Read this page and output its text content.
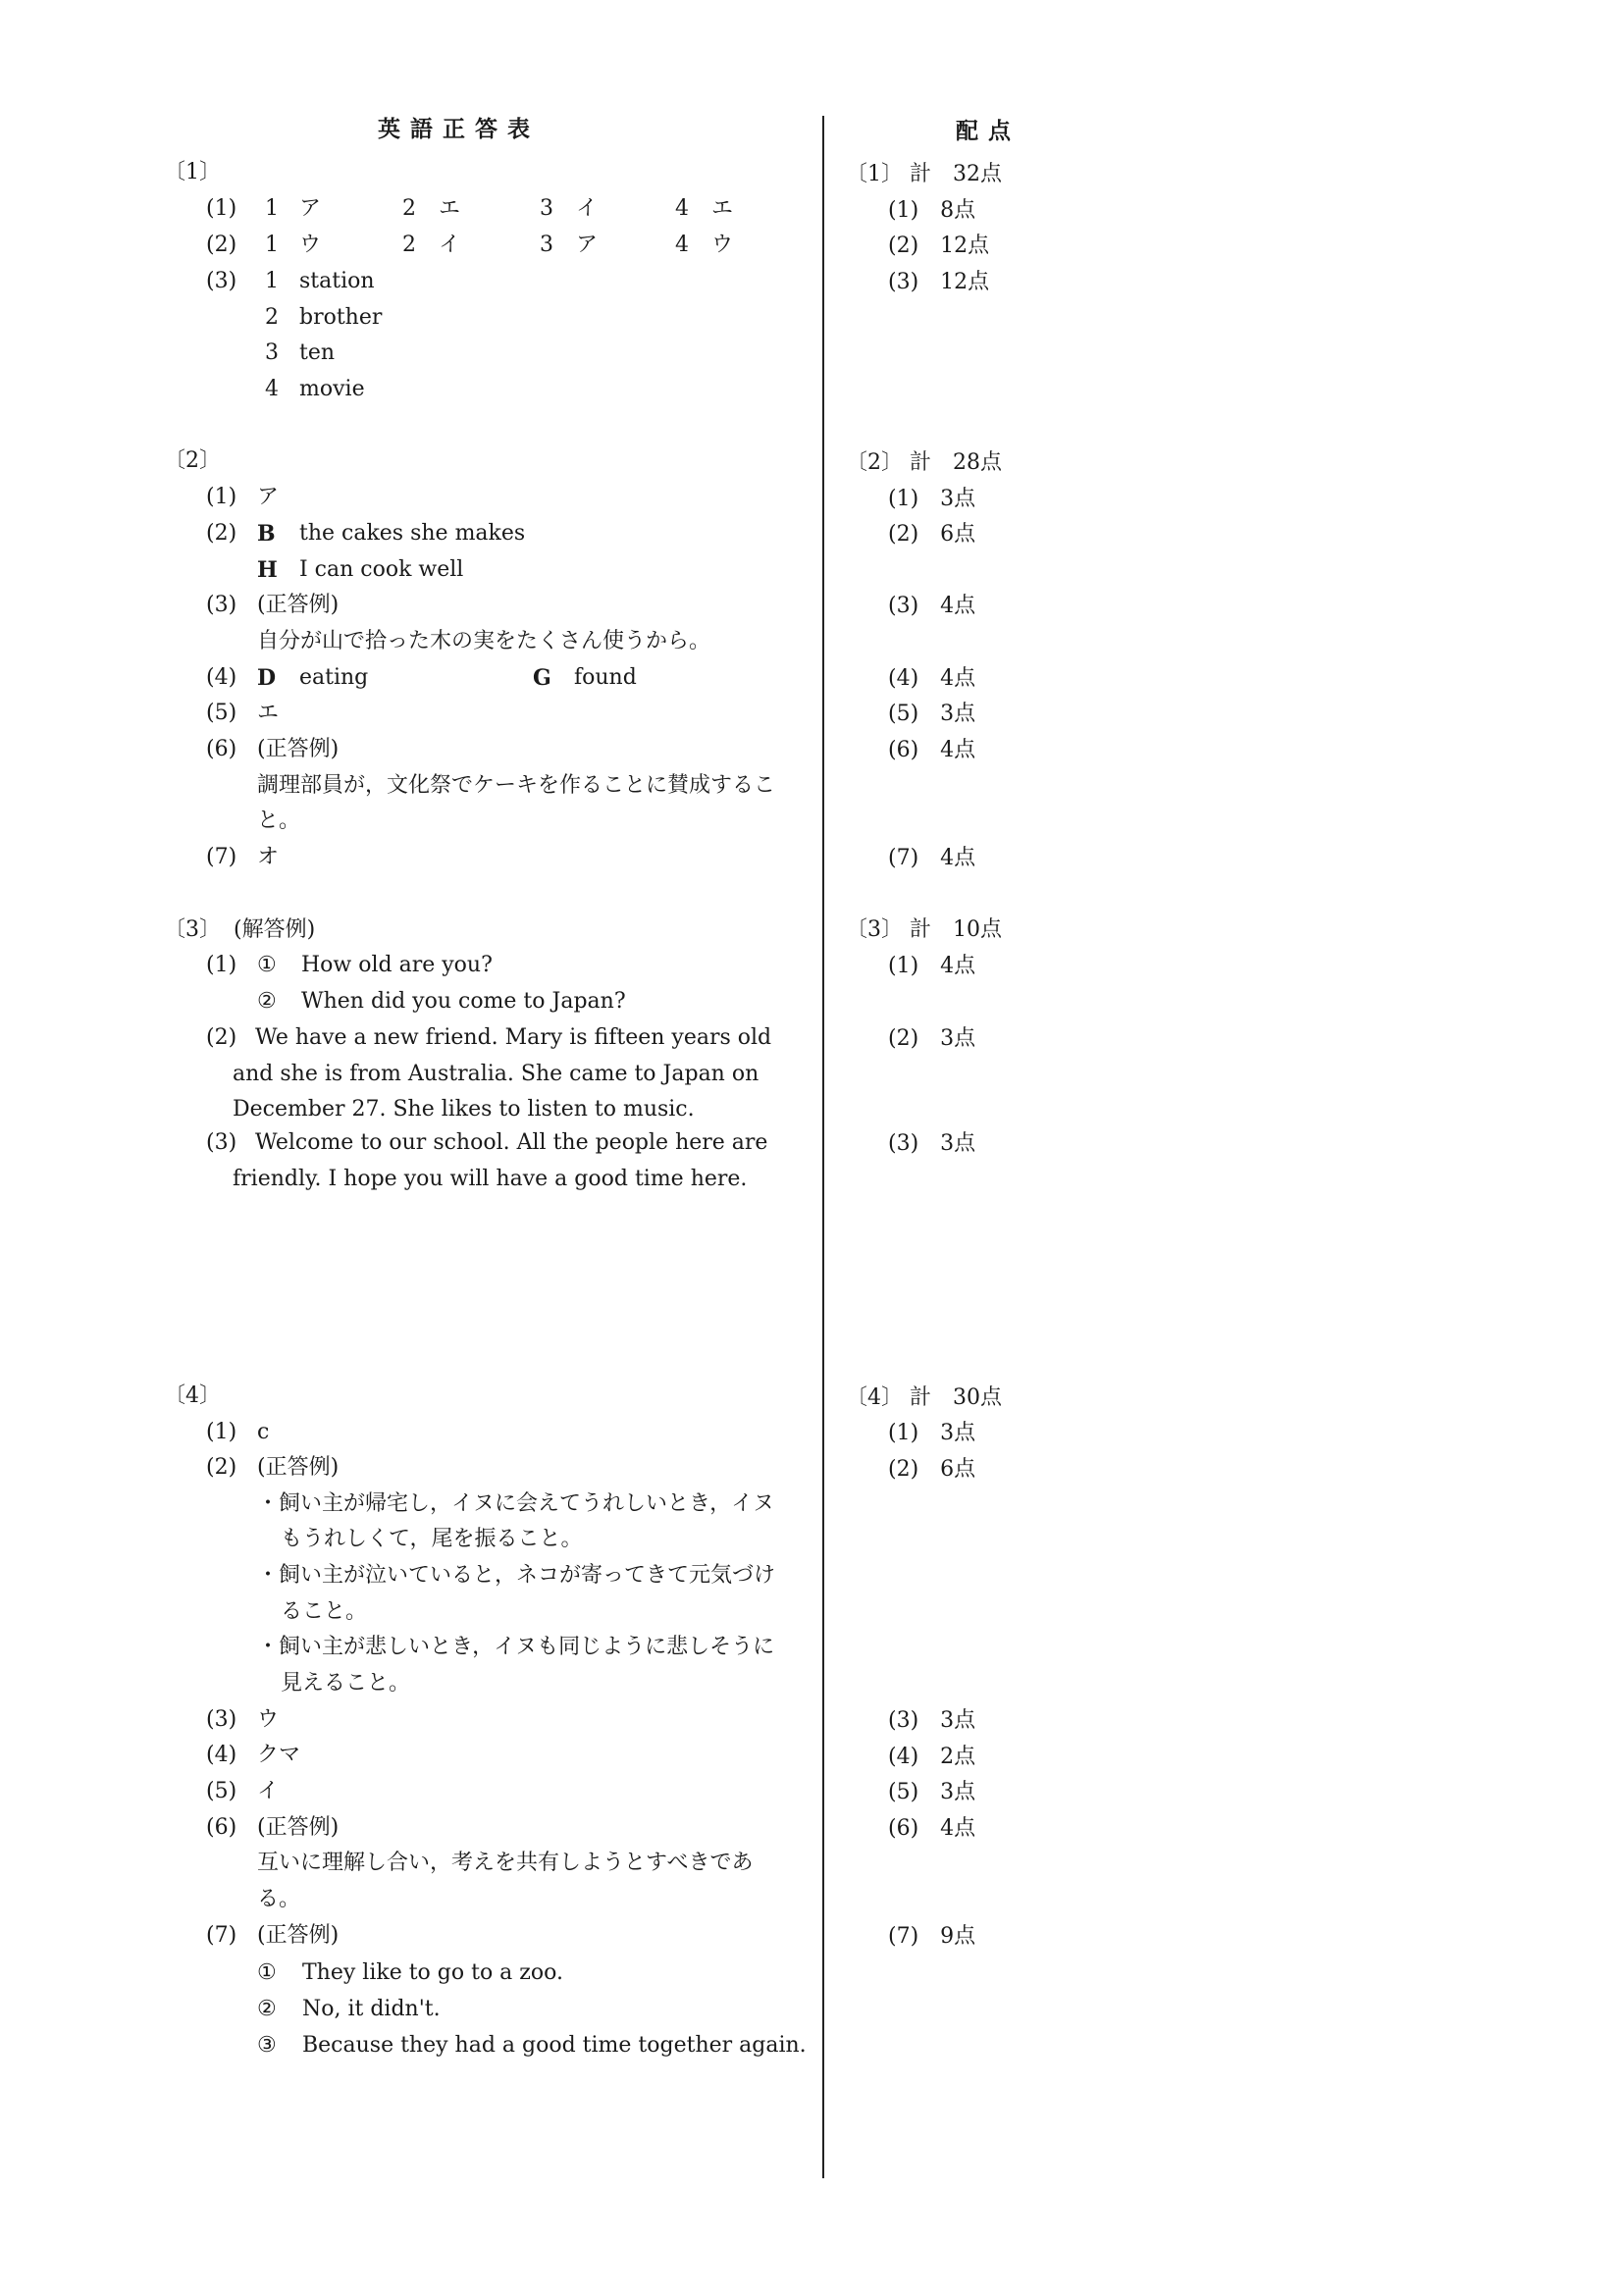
英語正答表	配点
〔1〕
(1) 1 ア	2 エ	3 イ	4 エ
(2) 1 ウ	2 イ	3 ア	4 ウ
(3) 1 station
2 brother
3 ten
4 movie
〔2〕
(1) ア
(2) B the cakes she makes
H I can cook well
(3) (正答例)
自分が山で拾った木の実をたくさん使うから。
(4) D eating	G found
(5) エ
(6) (正答例)
調理部員が，文化祭でケーキを作ることに賛成するこ
と。
(7) オ
〔3〕 (解答例)
(1) ① How old are you?
② When did you come to Japan?
(2) We have a new friend. Mary is fifteen years old
and she is from Australia. She came to Japan on
December 27. She likes to listen to music.
(3) Welcome to our school. All the people here are
friendly. I hope you will have a good time here.
〔4〕
(1) c
(2) (正答例)
・飼い主が帰宅し，イヌに会えてうれしいとき，イヌ
もうれしくて，尾を振ること。
・飼い主が泣いていると，ネコが寄ってきて元気づけ
ること。
・飼い主が悲しいとき，イヌも同じように悲しそうに
見えること。
(3) ウ
(4) クマ
(5) イ
(6) (正答例)
互いに理解し合い，考えを共有しようとすべきであ
る。
(7) (正答例)
① They like to go to a zoo.
② No, it didn't.
③ Because they had a good time together again.
〔1〕 計　32点
(1)　8点
(2)　12点
(3)　12点
〔2〕 計　28点
(1)　3点
(2)　6点
(3)　4点
(4)　4点
(5)　3点
(6)　4点
(7)　4点
〔3〕 計　10点
(1)　4点
(2)　3点
(3)　3点
〔4〕 計　30点
(1)　3点
(2)　6点
(3)　3点
(4)　2点
(5)　3点
(6)　4点
(7)　9点
